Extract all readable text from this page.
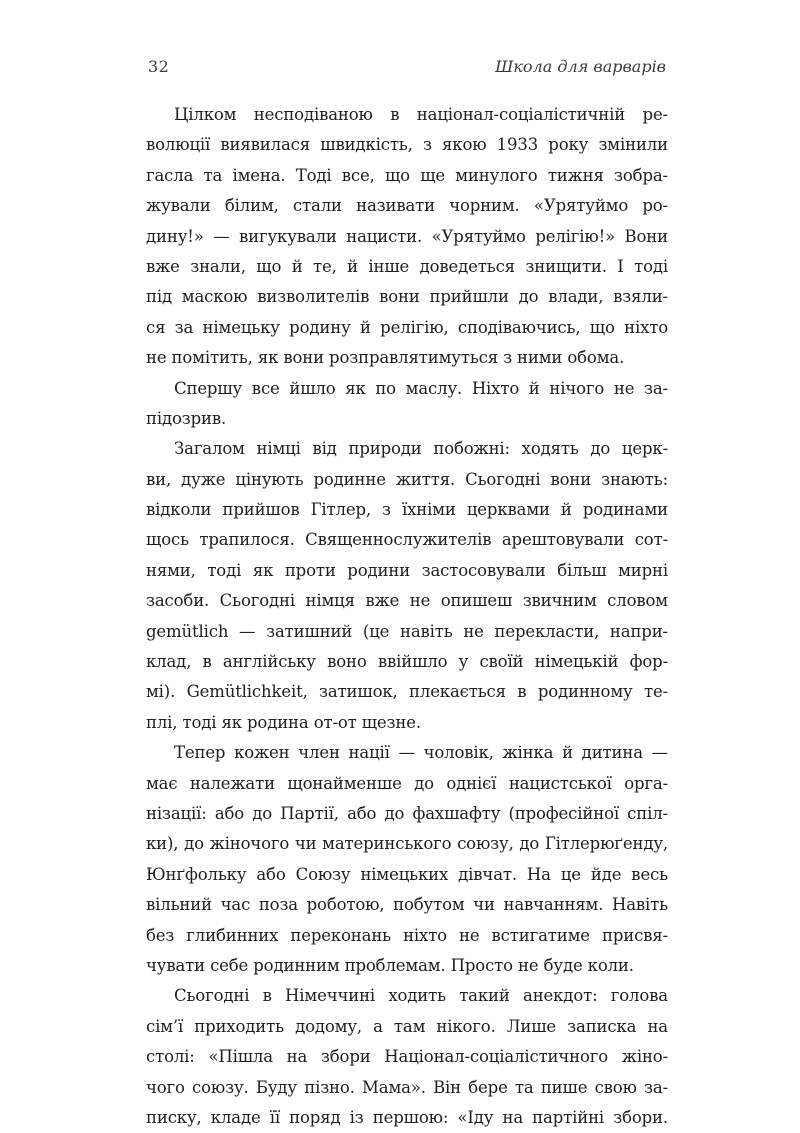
32	Школа для варварів
Цілком несподіваною в націонал-соціалістичній ре-
волюції виявилася швидкість, з якою 1933 року змінили
гасла та імена. Тоді все, що ще минулого тижня зобра-
жували білим, стали називати чорним. «Урятуймо ро-
дину!» — вигукували нацисти. «Урятуймо релігію!» Вони
вже знали, що й те, й інше доведеться знищити. І тоді
під маскою визволителів вони прийшли до влади, взяли-
ся за німецьку родину й релігію, сподіваючись, що ніхто
не помітить, як вони розправлятимуться з ними обома.
Спершу все йшло як по маслу. Ніхто й нічого не за-
підозрив.
Загалом німці від природи побожні: ходять до церк-
ви, дуже цінують родинне життя. Сьогодні вони знають:
відколи прийшов Гітлер, з їхніми церквами й родинами
щось трапилося. Священнослужителів арештовували сот-
нями, тоді як проти родини застосовували більш мирні
засоби. Сьогодні німця вже не опишеш звичним словом
gemütlich — затишний (це навіть не перекласти, напри-
клад, в англійську воно ввійшло у своїй німецькій фор-
мі). Gemütlichkeit, затишок, плекається в родинному те-
плі, тоді як родина от-от щезне.
Тепер кожен член нації — чоловік, жінка й дитина —
має належати щонайменше до однієї нацистської орга-
нізації: або до Партії, або до фахшафту (професійної спіл-
ки), до жіночого чи материнського союзу, до Гітлерюґенду,
Юнґфольку або Союзу німецьких дівчат. На це йде весь
вільний час поза роботою, побутом чи навчанням. Навіть
без глибинних переконань ніхто не встигатиме присвя-
чувати себе родинним проблемам. Просто не буде коли.
Сьогодні в Німеччині ходить такий анекдот: голова
сім’ї приходить додому, а там нікого. Лише записка на
столі: «Пішла на збори Націонал-соціалістичного жіно-
чого союзу. Буду пізно. Мама». Він бере та пише свою за-
писку, кладе її поряд із першою: «Іду на партійні збори.
